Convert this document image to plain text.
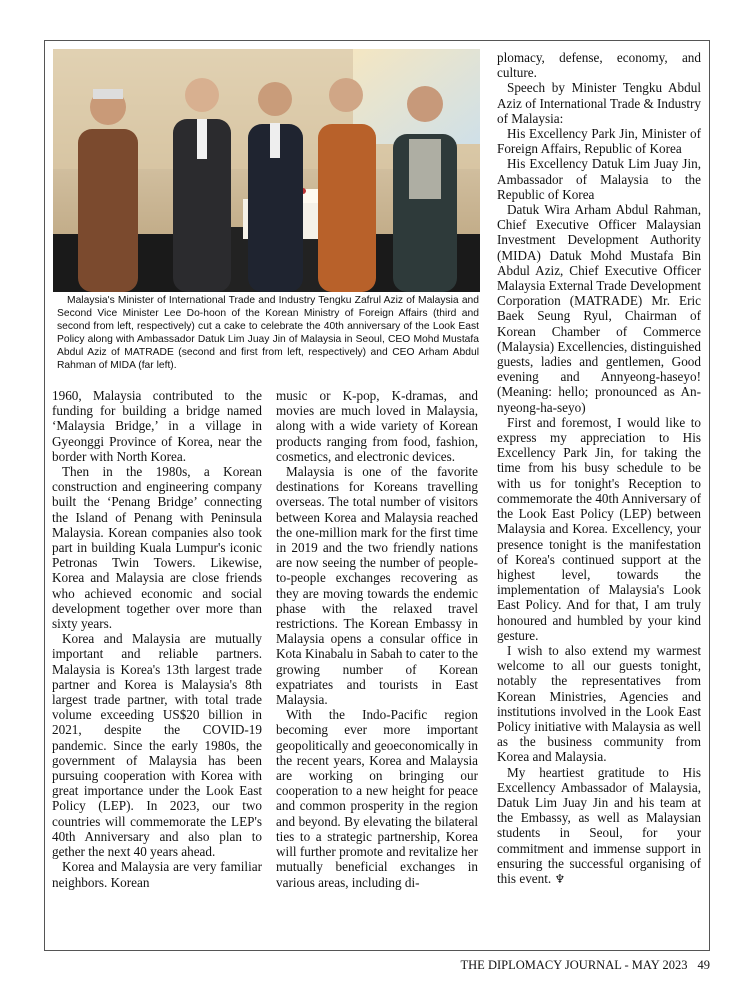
Malaysia's Minister of International Trade and Industry Tengku Zafrul Aziz of Malaysia and Second Vice Minister Lee Do-hoon of the Korean Ministry of Foreign Affairs (third and second from left, respectively) cut a cake to celebrate the 40th anniversary of the Look East Policy along with Ambassador Datuk Lim Juay Jin of Malaysia in Seoul, CEO Mohd Mustafa Abdul Aziz of MATRADE (second and first from left, respectively) and CEO Arham Abdul Rahman of MIDA (far left).

1960, Malaysia contributed to the funding for building a bridge named ‘Malaysia Bridge,’ in a village in Gyeonggi Province of Korea, near the border with North Korea.

Then in the 1980s, a Korean construction and engineering company built the ‘Penang Bridge’ connecting the Island of Penang with Peninsula Malaysia. Korean companies also took part in building Kuala Lumpur's iconic Petronas Twin Towers. Likewise, Korea and Malaysia are close friends who achieved economic and social development together over more than sixty years.

Korea and Malaysia are mutually important and reliable partners. Malaysia is Korea's 13th largest trade partner and Korea is Malaysia's 8th largest trade partner, with total trade volume exceeding US$20 billion in 2021, despite the COVID-19 pandemic. Since the early 1980s, the government of Malaysia has been pursuing cooperation with Korea with great importance under the Look East Policy (LEP). In 2023, our two countries will commemorate the LEP's 40th Anniversary and also plan to gether the next 40 years ahead.

Korea and Malaysia are very familiar neighbors. Korean

music or K-pop, K-dramas, and movies are much loved in Malaysia, along with a wide variety of Korean products ranging from food, fashion, cosmetics, and electronic devices.

Malaysia is one of the favorite destinations for Koreans travelling overseas. The total number of visitors between Korea and Malaysia reached the one-million mark for the first time in 2019 and the two friendly nations are now seeing the number of people-to-people exchanges recovering as they are moving towards the endemic phase with the relaxed travel restrictions. The Korean Embassy in Malaysia opens a consular office in Kota Kinabalu in Sabah to cater to the growing number of Korean expatriates and tourists in East Malaysia.

With the Indo-Pacific region becoming ever more important geopolitically and geoeconomically in the recent years, Korea and Malaysia are working on bringing our cooperation to a new height for peace and common prosperity in the region and beyond. By elevating the bilateral ties to a strategic partnership, Korea will further promote and revitalize her mutually beneficial exchanges in various areas, including di-

plomacy, defense, economy, and culture.

Speech by Minister Tengku Abdul Aziz of International Trade & Industry of Malaysia:

His Excellency Park Jin, Minister of Foreign Affairs, Republic of Korea

His Excellency Datuk Lim Juay Jin, Ambassador of Malaysia to the Republic of Korea

Datuk Wira Arham Abdul Rahman, Chief Executive Officer Malaysian Investment Development Authority (MIDA) Datuk Mohd Mustafa Bin Abdul Aziz, Chief Executive Officer Malaysia External Trade Development Corporation (MATRADE) Mr. Eric Baek Seung Ryul, Chairman of Korean Chamber of Commerce (Malaysia) Excellencies, distinguished guests, ladies and gentlemen, Good evening and Annyeong-haseyo! (Meaning: hello; pronounced as An-nyeong-ha-seyo)

First and foremost, I would like to express my appreciation to His Excellency Park Jin, for taking the time from his busy schedule to be with us for tonight's Reception to commemorate the 40th Anniversary of the Look East Policy (LEP) between Malaysia and Korea. Excellency, your presence tonight is the manifestation of Korea's continued support at the highest level, towards the implementation of Malaysia's Look East Policy. And for that, I am truly honoured and humbled by your kind gesture.

I wish to also extend my warmest welcome to all our guests tonight, notably the representatives from Korean Ministries, Agencies and institutions involved in the Look East Policy initiative with Malaysia as well as the business community from Korea and Malaysia.

My heartiest gratitude to His Excellency Ambassador of Malaysia, Datuk Lim Juay Jin and his team at the Embassy, as well as Malaysian students in Seoul, for your commitment and immense support in ensuring the successful organising of this event. ♆

THE DIPLOMACY JOURNAL - MAY 2023 49
